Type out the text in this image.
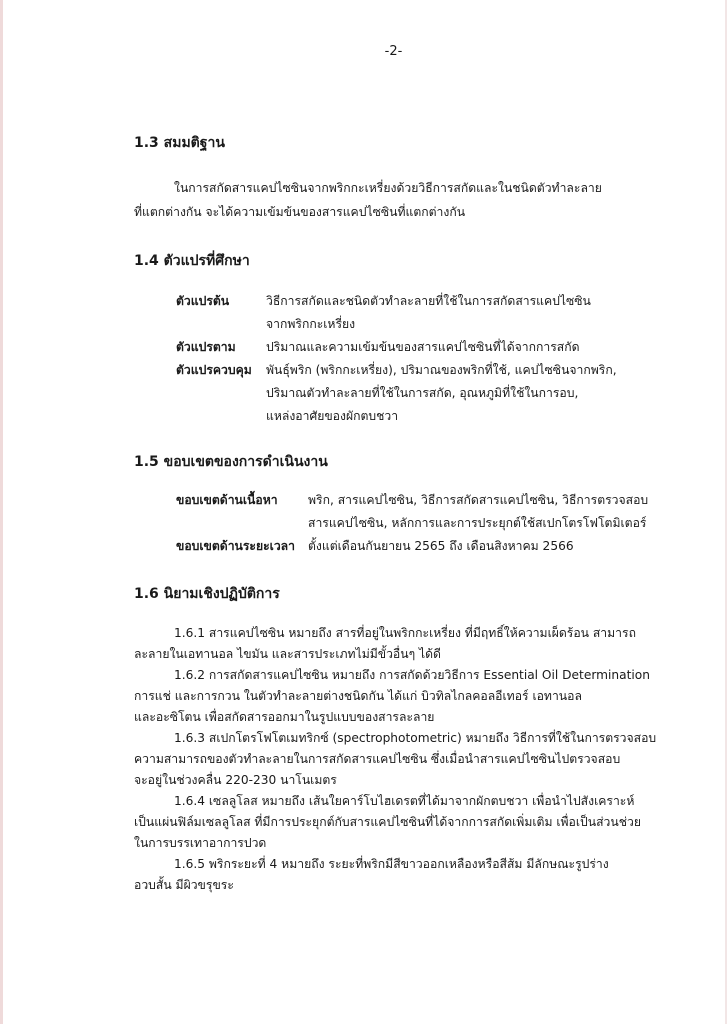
-2-
1.3 สมมติฐาน
ในการสกัดสารแคปไซซินจากพริกกะเหรี่ยงด้วยวิธีการสกัดและในชนิดตัวทำละลาย
ที่แตกต่างกัน จะได้ความเข้มข้นของสารแคปไซซินที่แตกต่างกัน
1.4 ตัวแปรที่ศึกษา
ตัวแปรต้น	วิธีการสกัดและชนิดตัวทำละลายที่ใช้ในการสกัดสารแคปไซซิน
จากพริกกะเหรี่ยง
ตัวแปรตาม	ปริมาณและความเข้มข้นของสารแคปไซซินที่ได้จากการสกัด
ตัวแปรควบคุม	พันธุ์พริก (พริกกะเหรี่ยง), ปริมาณของพริกที่ใช้, แคปไซซินจากพริก,
ปริมาณตัวทำละลายที่ใช้ในการสกัด, อุณหภูมิที่ใช้ในการอบ,
แหล่งอาศัยของผักตบชวา
1.5 ขอบเขตของการดำเนินงาน
ขอบเขตด้านเนื้อหา	พริก, สารแคปไซซิน, วิธีการสกัดสารแคปไซซิน, วิธีการตรวจสอบ
สารแคปไซซิน, หลักการและการประยุกต์ใช้สเปกโตรโฟโตมิเตอร์
ขอบเขตด้านระยะเวลา	ตั้งแต่เดือนกันยายน 2565 ถึง เดือนสิงหาคม 2566
1.6 นิยามเชิงปฏิบัติการ
1.6.1 สารแคปไซซิน หมายถึง สารที่อยู่ในพริกกะเหรี่ยง ที่มีฤทธิ์ให้ความเผ็ดร้อน สามารถ
ละลายในเอทานอล ไขมัน และสารประเภทไม่มีขั้วอื่นๆ ได้ดี
1.6.2 การสกัดสารแคปไซซิน หมายถึง การสกัดด้วยวิธีการ Essential Oil Determination
การแช่ และการกวน ในตัวทำละลายต่างชนิดกัน ได้แก่ บิวทิลไกลคอลอีเทอร์ เอทานอล
และอะซิโตน เพื่อสกัดสารออกมาในรูปแบบของสารละลาย
1.6.3 สเปกโตรโฟโตเมทริกซ์ (spectrophotometric) หมายถึง วิธีการที่ใช้ในการตรวจสอบ
ความสามารถของตัวทำละลายในการสกัดสารแคปไซซิน ซึ่งเมื่อนำสารแคปไซซินไปตรวจสอบ
จะอยู่ในช่วงคลื่น 220-230 นาโนเมตร
1.6.4 เซลลูโลส หมายถึง เส้นใยคาร์โบไฮเดรตที่ได้มาจากผักตบชวา เพื่อนำไปสังเคราะห์
เป็นแผ่นฟิล์มเซลลูโลส ที่มีการประยุกต์กับสารแคปไซซินที่ได้จากการสกัดเพิ่มเติม เพื่อเป็นส่วนช่วย
ในการบรรเทาอาการปวด
1.6.5 พริกระยะที่ 4 หมายถึง ระยะที่พริกมีสีขาวออกเหลืองหรือสีส้ม มีลักษณะรูปร่าง
อวบสั้น มีผิวขรุขระ
